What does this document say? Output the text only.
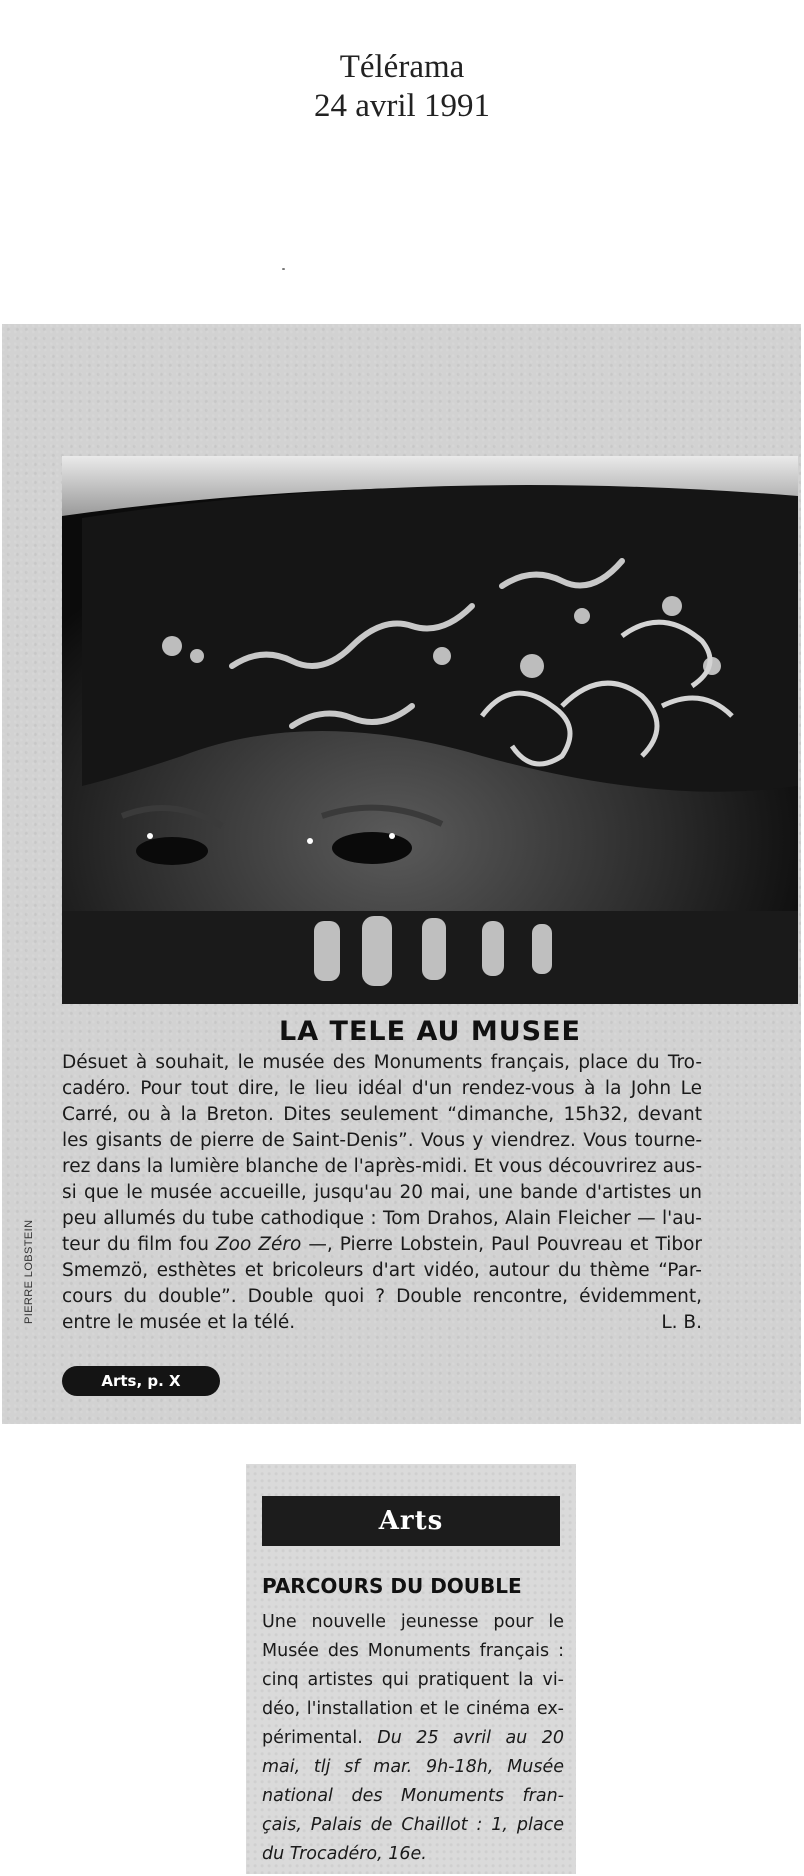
Télérama
24 avril 1991
PIERRE LOBSTEIN
LA TELE AU MUSEE
Désuet à souhait, le musée des Monuments français, place du Tro-
cadéro. Pour tout dire, le lieu idéal d'un rendez-vous à la John Le
Carré, ou à la Breton. Dites seulement “dimanche, 15h32, devant
les gisants de pierre de Saint-Denis”. Vous y viendrez. Vous tourne-
rez dans la lumière blanche de l'après-midi. Et vous découvrirez aus-
si que le musée accueille, jusqu'au 20 mai, une bande d'artistes un
peu allumés du tube cathodique : Tom Drahos, Alain Fleicher — l'au-
teur du film fou Zoo Zéro —, Pierre Lobstein, Paul Pouvreau et Tibor
Smemzö, esthètes et bricoleurs d'art vidéo, autour du thème “Par-
cours du double”. Double quoi ? Double rencontre, évidemment,
entre le musée et la télé.	L. B.
Arts, p. X
Arts
PARCOURS DU DOUBLE
Une nouvelle jeunesse pour le
Musée des Monuments français :
cinq artistes qui pratiquent la vi-
déo, l'installation et le cinéma ex-
périmental. Du 25 avril au 20
mai, tlj sf mar. 9h-18h, Musée
national des Monuments fran-
çais, Palais de Chaillot : 1, place
du Trocadéro, 16e.
